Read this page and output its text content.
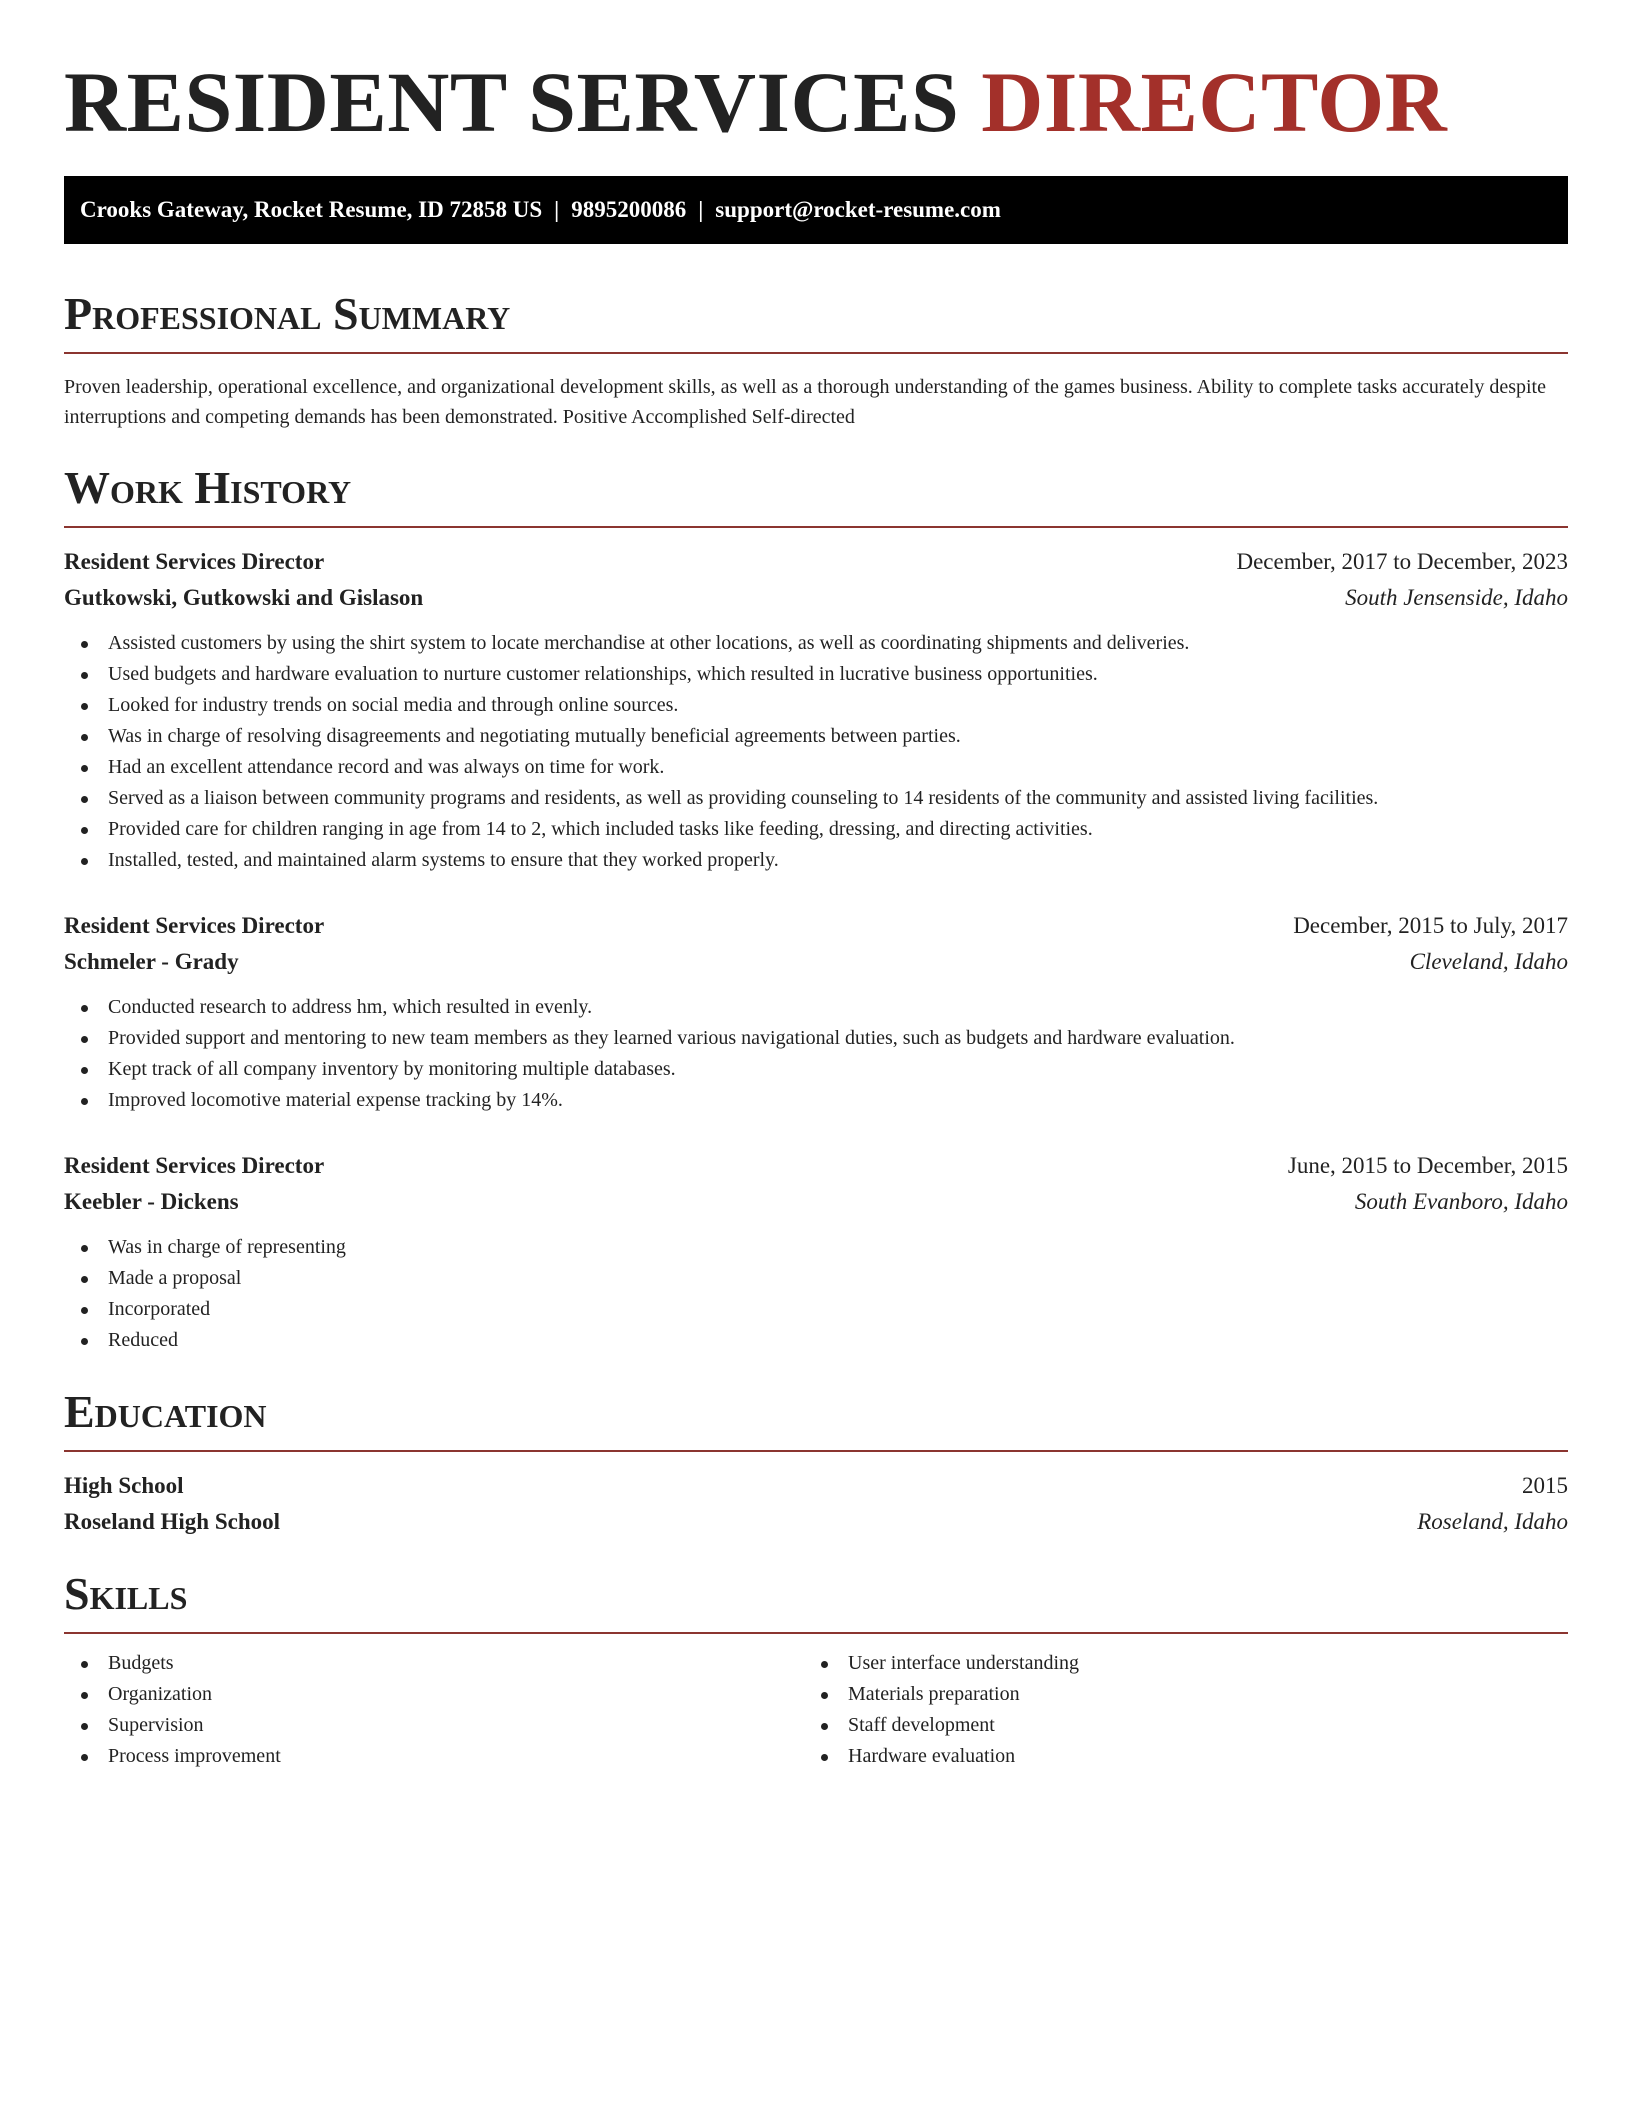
RESIDENT SERVICES DIRECTOR
Crooks Gateway, Rocket Resume, ID 72858 US | 9895200086 | support@rocket-resume.com
Professional Summary
Proven leadership, operational excellence, and organizational development skills, as well as a thorough understanding of the games business. Ability to complete tasks accurately despite interruptions and competing demands has been demonstrated. Positive Accomplished Self-directed
Work History
Resident Services Director	December, 2017 to December, 2023
Gutkowski, Gutkowski and Gislason	South Jensenside, Idaho
Assisted customers by using the shirt system to locate merchandise at other locations, as well as coordinating shipments and deliveries.
Used budgets and hardware evaluation to nurture customer relationships, which resulted in lucrative business opportunities.
Looked for industry trends on social media and through online sources.
Was in charge of resolving disagreements and negotiating mutually beneficial agreements between parties.
Had an excellent attendance record and was always on time for work.
Served as a liaison between community programs and residents, as well as providing counseling to 14 residents of the community and assisted living facilities.
Provided care for children ranging in age from 14 to 2, which included tasks like feeding, dressing, and directing activities.
Installed, tested, and maintained alarm systems to ensure that they worked properly.
Resident Services Director	December, 2015 to July, 2017
Schmeler - Grady	Cleveland, Idaho
Conducted research to address hm, which resulted in evenly.
Provided support and mentoring to new team members as they learned various navigational duties, such as budgets and hardware evaluation.
Kept track of all company inventory by monitoring multiple databases.
Improved locomotive material expense tracking by 14%.
Resident Services Director	June, 2015 to December, 2015
Keebler - Dickens	South Evanboro, Idaho
Was in charge of representing
Made a proposal
Incorporated
Reduced
Education
High School	2015
Roseland High School	Roseland, Idaho
Skills
Budgets
Organization
Supervision
Process improvement
User interface understanding
Materials preparation
Staff development
Hardware evaluation
